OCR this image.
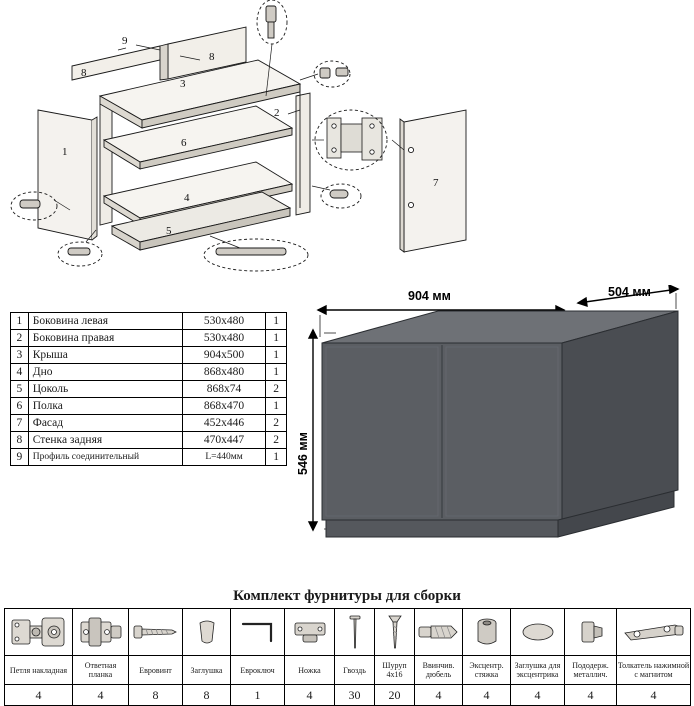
1
2
3
4
5
6
7
8
8
9
1	Боковина левая	530x480	1
2	Боковина правая	530x480	1
3	Крыша	904x500	1
4	Дно	868x480	1
5	Цоколь	868x74	2
6	Полка	868x470	1
7	Фасад	452x446	2
8	Стенка задняя	470x447	2
9	Профиль соединительный	L=440мм	1
904 мм	504 мм
546 мм
Комплект фурнитуры для сборки

Петля накладная	Ответная планка	Евровинт	Заглушка	Евроключ	Ножка	Гвоздь	Шуруп 4x16	Ввинчив. дюбель	Эксцентр. стяжка	Заглушка для эксцентрика	Пододерж. металлич.	Толкатель нажимной с магнитом
4	4	8	8	1	4	30	20	4	4	4	4	4
